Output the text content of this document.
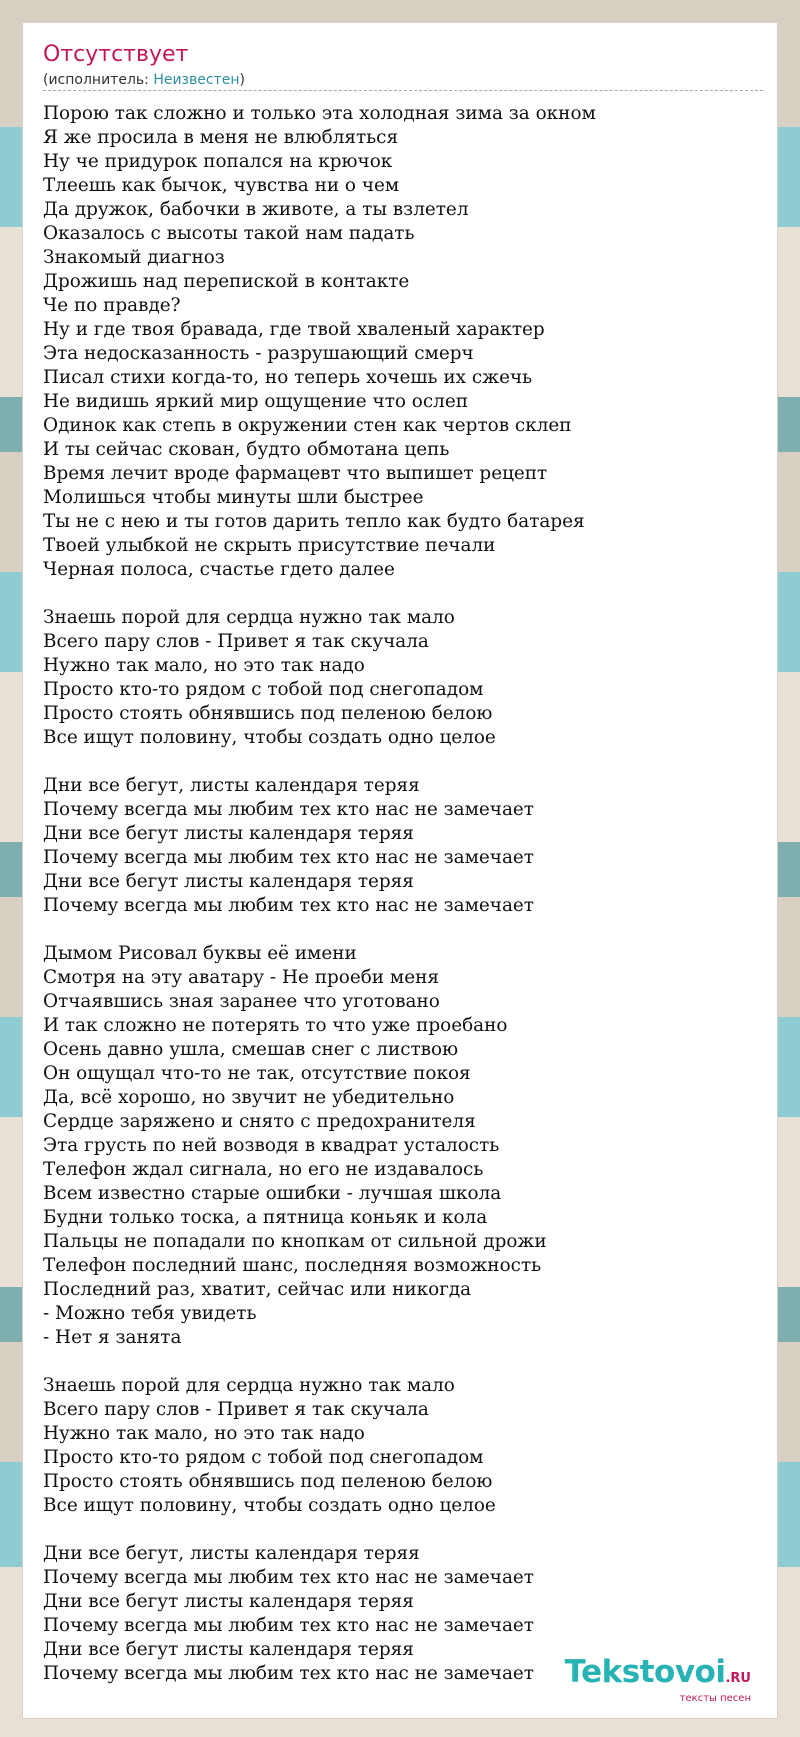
Отсутствует
(исполнитель: Неизвестен)
Порою так сложно и только эта холодная зима за окном
Я же просила в меня не влюбляться
Ну че придурок попался на крючок
Тлеешь как бычок, чувства ни о чем
Да дружок, бабочки в животе, а ты взлетел
Оказалось с высоты такой нам падать
Знакомый диагноз
Дрожишь над перепиской в контакте
Че по правде?
Ну и где твоя бравада, где твой хваленый характер
Эта недосказанность - разрушающий смерч
Писал стихи когда-то, но теперь хочешь их сжечь
Не видишь яркий мир ощущение что ослеп
Одинок как степь в окружении стен как чертов склеп
И ты сейчас скован, будто обмотана цепь
Время лечит вроде фармацевт что выпишет рецепт
Молишься чтобы минуты шли быстрее
Ты не с нею и ты готов дарить тепло как будто батарея
Твоей улыбкой не скрыть присутствие печали
Черная полоса, счастье гдето далее
Знаешь порой для сердца нужно так мало
Всего пару слов - Привет я так скучала
Нужно так мало, но это так надо
Просто кто-то рядом с тобой под снегопадом
Просто стоять обнявшись под пеленою белою
Все ищут половину, чтобы создать одно целое
Дни все бегут, листы календаря теряя
Почему всегда мы любим тех кто нас не замечает
Дни все бегут листы календаря теряя
Почему всегда мы любим тех кто нас не замечает
Дни все бегут листы календаря теряя
Почему всегда мы любим тех кто нас не замечает
Дымом Рисовал буквы её имени
Смотря на эту аватару - Не проеби меня
Отчаявшись зная заранее что уготовано
И так сложно не потерять то что уже проебано
Осень давно ушла, смешав снег с листвою
Он ощущал что-то не так, отсутствие покоя
Да, всё хорошо, но звучит не убедительно
Сердце заряжено и снято с предохранителя
Эта грусть по ней возводя в квадрат усталость
Телефон ждал сигнала, но его не издавалось
Всем известно старые ошибки - лучшая школа
Будни только тоска, а пятница коньяк и кола
Пальцы не попадали по кнопкам от сильной дрожи
Телефон последний шанс, последняя возможность
Последний раз, хватит, сейчас или никогда
- Можно тебя увидеть
- Нет я занята
Знаешь порой для сердца нужно так мало
Всего пару слов - Привет я так скучала
Нужно так мало, но это так надо
Просто кто-то рядом с тобой под снегопадом
Просто стоять обнявшись под пеленою белою
Все ищут половину, чтобы создать одно целое
Дни все бегут, листы календаря теряя
Почему всегда мы любим тех кто нас не замечает
Дни все бегут листы календаря теряя
Почему всегда мы любим тех кто нас не замечает
Дни все бегут листы календаря теряя
Почему всегда мы любим тех кто нас не замечает Tekstovoi.RU
тексты песен
